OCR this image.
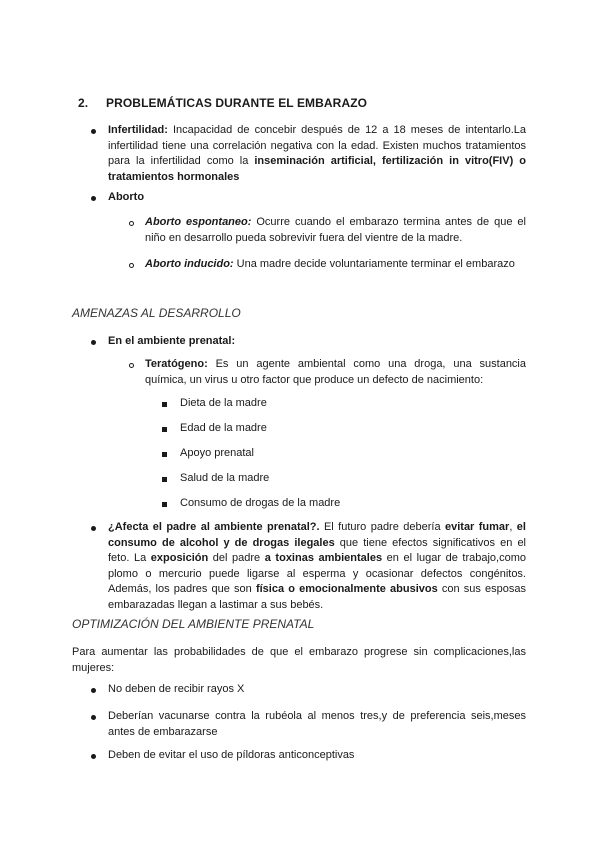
2. PROBLEMÁTICAS DURANTE EL EMBARAZO
Infertilidad: Incapacidad de concebir después de 12 a 18 meses de intentarlo.La
infertilidad tiene una correlación negativa con la edad. Existen muchos tratamientos
para la infertilidad como la inseminación artificial, fertilización in vitro(FIV) o
tratamientos hormonales
Aborto
Aborto espontaneo: Ocurre cuando el embarazo termina antes de que el
niño en desarrollo pueda sobrevivir fuera del vientre de la madre.
Aborto inducido: Una madre decide voluntariamente terminar el embarazo
AMENAZAS AL DESARROLLO
En el ambiente prenatal:
Teratógeno: Es un agente ambiental como una droga, una sustancia
química, un virus u otro factor que produce un defecto de nacimiento:
Dieta de la madre
Edad de la madre
Apoyo prenatal
Salud de la madre
Consumo de drogas de la madre
¿Afecta el padre al ambiente prenatal?. El futuro padre debería evitar fumar, el
consumo de alcohol y de drogas ilegales que tiene efectos significativos en el
feto. La exposición del padre a toxinas ambientales en el lugar de trabajo,como
plomo o mercurio puede ligarse al esperma y ocasionar defectos congénitos.
Además, los padres que son física o emocionalmente abusivos con sus esposas
embarazadas llegan a lastimar a sus bebés.
OPTIMIZACIÓN DEL AMBIENTE PRENATAL
Para aumentar las probabilidades de que el embarazo progrese sin complicaciones,las
mujeres:
No deben de recibir rayos X
Deberían vacunarse contra la rubéola al menos tres,y de preferencia seis,meses
antes de embarazarse
Deben de evitar el uso de píldoras anticonceptivas
